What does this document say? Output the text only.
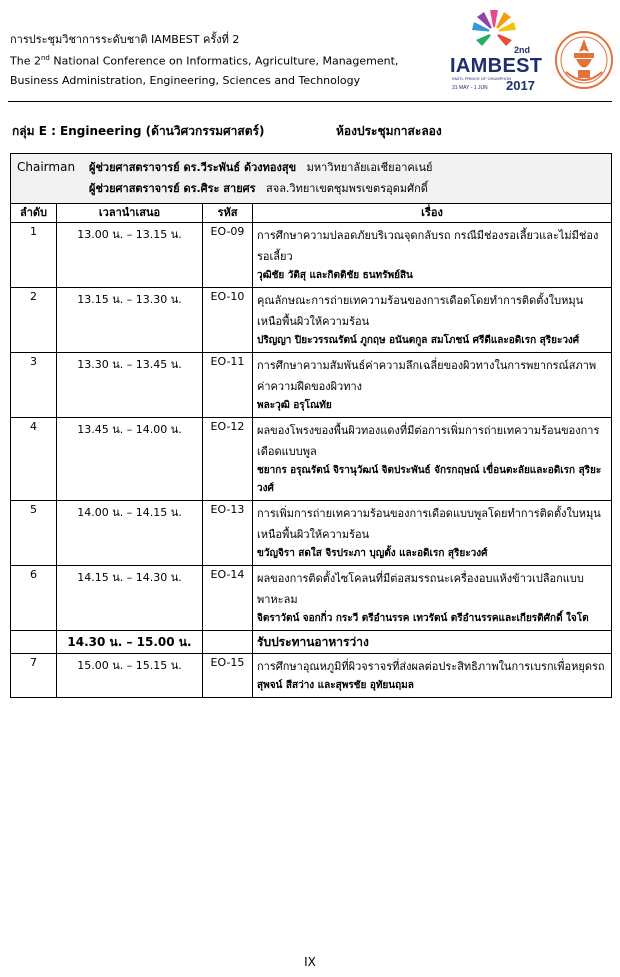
การประชุมวิชาการระดับชาติ IAMBEST ครั้งที่ 2
The 2nd National Conference on Informatics, Agriculture, Management,
Business Administration, Engineering, Sciences and Technology
2nd
IAMBEST
KMITL PRINCE OF CHUMPHON
31 MAY - 1 JUN 2017
กลุ่ม E : Engineering (ด้านวิศวกรรมศาสตร์)	ห้องประชุมกาสะลอง
Chairman ผู้ช่วยศาสตราจารย์ ดร.วีระพันธ์ ด้วงทองสุข มหาวิทยาลัยเอเชียอาคเนย์
ผู้ช่วยศาสตราจารย์ ดร.ศิระ สายศร สจล.วิทยาเขตชุมพรเขตรอุดมศักดิ์			

ลำดับ	เวลานำเสนอ	รหัส	เรื่อง
1	13.00 น. – 13.15 น.	EO-09	การศึกษาความปลอดภัยบริเวณจุดกลับรถ กรณีมีช่องรอเลี้ยวและไม่มีช่องรอเลี้ยว
วุฒิชัย วัติสุ และกิตติชัย ธนทรัพย์สิน

2	13.15 น. – 13.30 น.	EO-10	คุณลักษณะการถ่ายเทความร้อนของการเดือดโดยทำการติดตั้งใบหมุนเหนือพื้นผิวให้ความร้อน
ปริญญา ปิยะวรรณรัตน์ ภูกฤษ อนันตกูล สมโภชน์ ศรีดีและอดิเรก สุริยะวงศ์

3	13.30 น. – 13.45 น.	EO-11	การศึกษาความสัมพันธ์ค่าความลึกเฉลี่ยของผิวทางในการพยากรณ์สภาพค่าความฝืดของผิวทาง
พละวุฒิ อรุโณทัย

4	13.45 น. – 14.00 น.	EO-12	ผลของโพรงของพื้นผิวทองแดงที่มีต่อการเพิ่มการถ่ายเทความร้อนของการเดือดแบบพูล
ชยากร อรุณรัตน์ จิรานุวัฒน์ จิตประพันธ์ จักรกฤษณ์ เขื่อนตะลัยและอดิเรก สุริยะวงศ์

5	14.00 น. – 14.15 น.	EO-13	การเพิ่มการถ่ายเทความร้อนของการเดือดแบบพูลโดยทำการติดตั้งใบหมุนเหนือพื้นผิวให้ความร้อน
ขวัญจิรา สดใส จิรประภา บุญตั้ง และอดิเรก สุริยะวงศ์

6	14.15 น. – 14.30 น.	EO-14	ผลของการติดตั้งไซโคลนที่มีต่อสมรรถนะเครื่องอบแห้งข้าวเปลือกแบบพาหะลม
จิตราวัตน์ จอกกิ่ว กระวี ตรีอำนรรค เทวรัตน์ ตรีอำนรรคและเกียรติศักดิ์ ใจโต

	14.30 น. – 15.00 น.		รับประทานอาหารว่าง
7	15.00 น. – 15.15 น.	EO-15	การศึกษาอุณหภูมิที่ผิวจราจรที่ส่งผลต่อประสิทธิภาพในการเบรกเพื่อหยุดรถ
สุพจน์ สีสว่าง และสุพรชัย อุทัยนฤมล
IX
